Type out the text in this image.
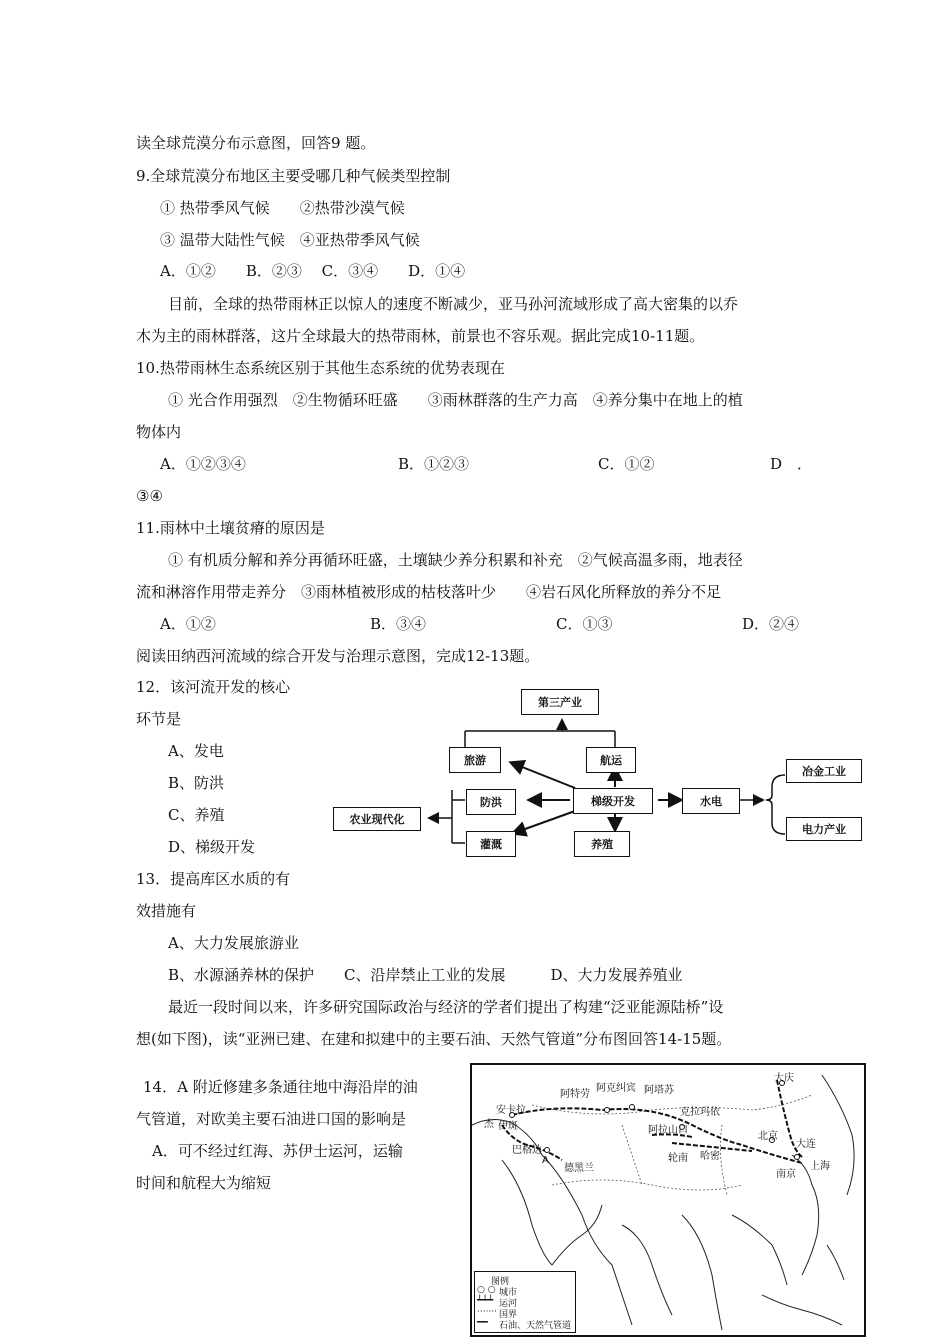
读全球荒漠分布示意图，回答9 题。
9.全球荒漠分布地区主要受哪几种气候类型控制
① 热带季风气候　　②热带沙漠气候
③ 温带大陆性气候　④亚热带季风气候
A．①②　　B．②③　 C．③④　　D．①④
目前，全球的热带雨林正以惊人的速度不断减少，亚马孙河流域形成了高大密集的以乔
木为主的雨林群落，这片全球最大的热带雨林，前景也不容乐观。据此完成10-11题。
10.热带雨林生态系统区别于其他生态系统的优势表现在
① 光合作用强烈　②生物循环旺盛　　③雨林群落的生产力高　④养分集中在地上的植
物体内
A．①②③④	B．①②③	C．①②	D　．
③④
11.雨林中土壤贫瘠的原因是
① 有机质分解和养分再循环旺盛，土壤缺少养分积累和补充　②气候高温多雨，地表径
流和淋溶作用带走养分　③雨林植被形成的枯枝落叶少　　④岩石风化所释放的养分不足
A．①②	B．③④	C．①③	D．②④
阅读田纳西河流域的综合开发与治理示意图，完成12-13题。
12．该河流开发的核心
环节是
A、发电
B、防洪
C、养殖
D、梯级开发
13．提高库区水质的有
效措施有
A、大力发展旅游业
B、水源涵养林的保护　　C、沿岸禁止工业的发展　　　D、大力发展养殖业
最近一段时间以来，许多研究国际政治与经济的学者们提出了构建“泛亚能源陆桥”设
想(如下图)，读“亚洲已建、在建和拟建中的主要石油、天然气管道”分布图回答14-15题。
14．A 附近修建多条通往地中海沿岸的油
气管道，对欧美主要石油进口国的影响是
A．可不经过红海、苏伊士运河，运输
时间和航程大为缩短
第三产业
旅游	航运
农业现代化
防洪	梯级开发	水电
灌溉	养殖
冶金工业
电力产业
大庆
阿特劳
阿克纠宾 阿塔苏
安卡拉	克拉玛依
杰 伊斑	阿拉山口
北京
大连
巴格达
A
德黑兰
轮南 哈密
上海
南京
图例
○ ○ 城市
┷┷┷ 运河
······· 国界
━━ 石油、天然气管道
